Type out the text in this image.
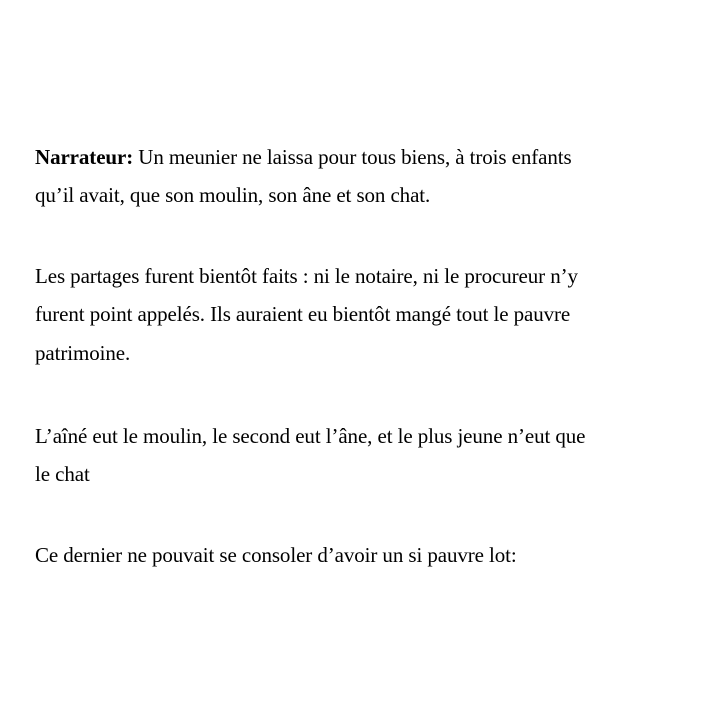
Narrateur: Un meunier ne laissa pour tous biens, à trois enfants
qu’il avait, que son moulin, son âne et son chat.
Les partages furent bientôt faits : ni le notaire, ni le procureur n’y
furent point appelés. Ils auraient eu bientôt mangé tout le pauvre
patrimoine.
L’aîné eut le moulin, le second eut l’âne, et le plus jeune n’eut que
le chat
Ce dernier ne pouvait se consoler d’avoir un si pauvre lot:
